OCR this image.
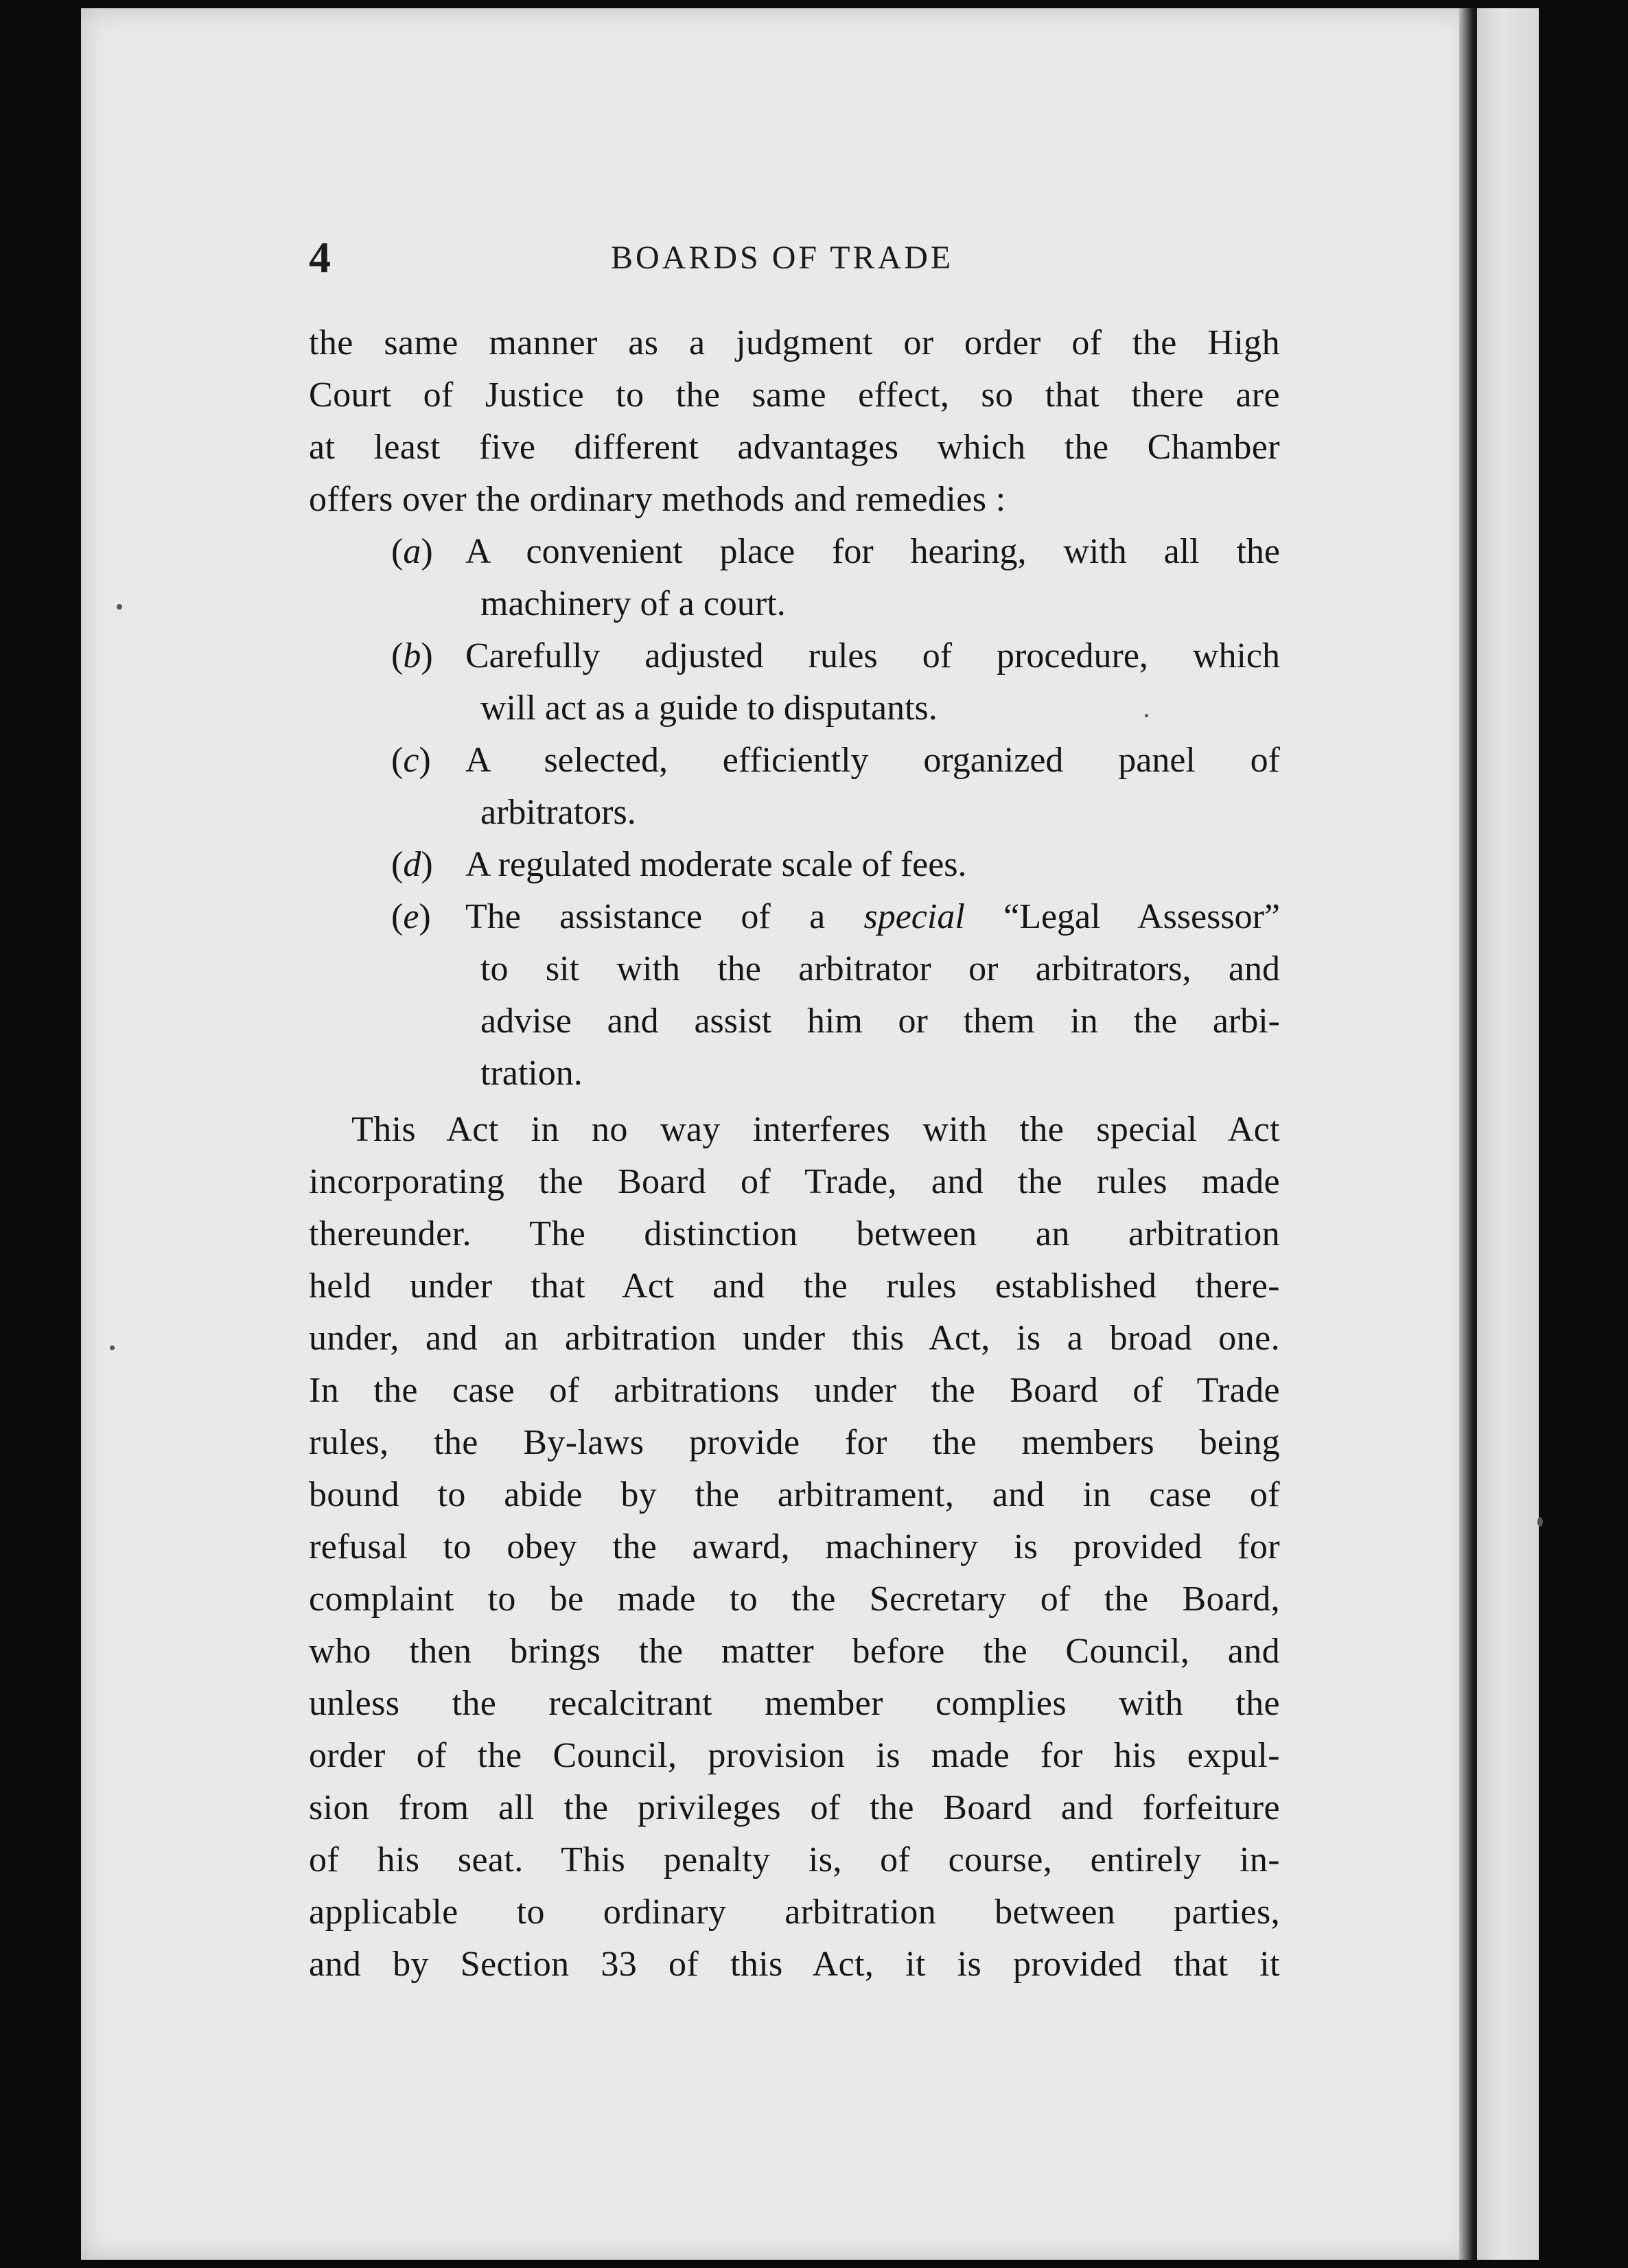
4	BOARDS OF TRADE
the same manner as a judgment or order of the High
Court of Justice to the same effect, so that there are
at least five different advantages which the Chamber
offers over the ordinary methods and remedies :
(a) A convenient place for hearing, with all the
machinery of a court.
(b) Carefully adjusted rules of procedure, which
will act as a guide to disputants.
(c) A selected, efficiently organized panel of
arbitrators.
(d) A regulated moderate scale of fees.
(e) The assistance of a special “Legal Assessor”
to sit with the arbitrator or arbitrators, and
advise and assist him or them in the arbi-
tration.
This Act in no way interferes with the special Act
incorporating the Board of Trade, and the rules made
thereunder. The distinction between an arbitration
held under that Act and the rules established there-
under, and an arbitration under this Act, is a broad one.
In the case of arbitrations under the Board of Trade
rules, the By-laws provide for the members being
bound to abide by the arbitrament, and in case of
refusal to obey the award, machinery is provided for
complaint to be made to the Secretary of the Board,
who then brings the matter before the Council, and
unless the recalcitrant member complies with the
order of the Council, provision is made for his expul-
sion from all the privileges of the Board and forfeiture
of his seat. This penalty is, of course, entirely in-
applicable to ordinary arbitration between parties,
and by Section 33 of this Act, it is provided that it
